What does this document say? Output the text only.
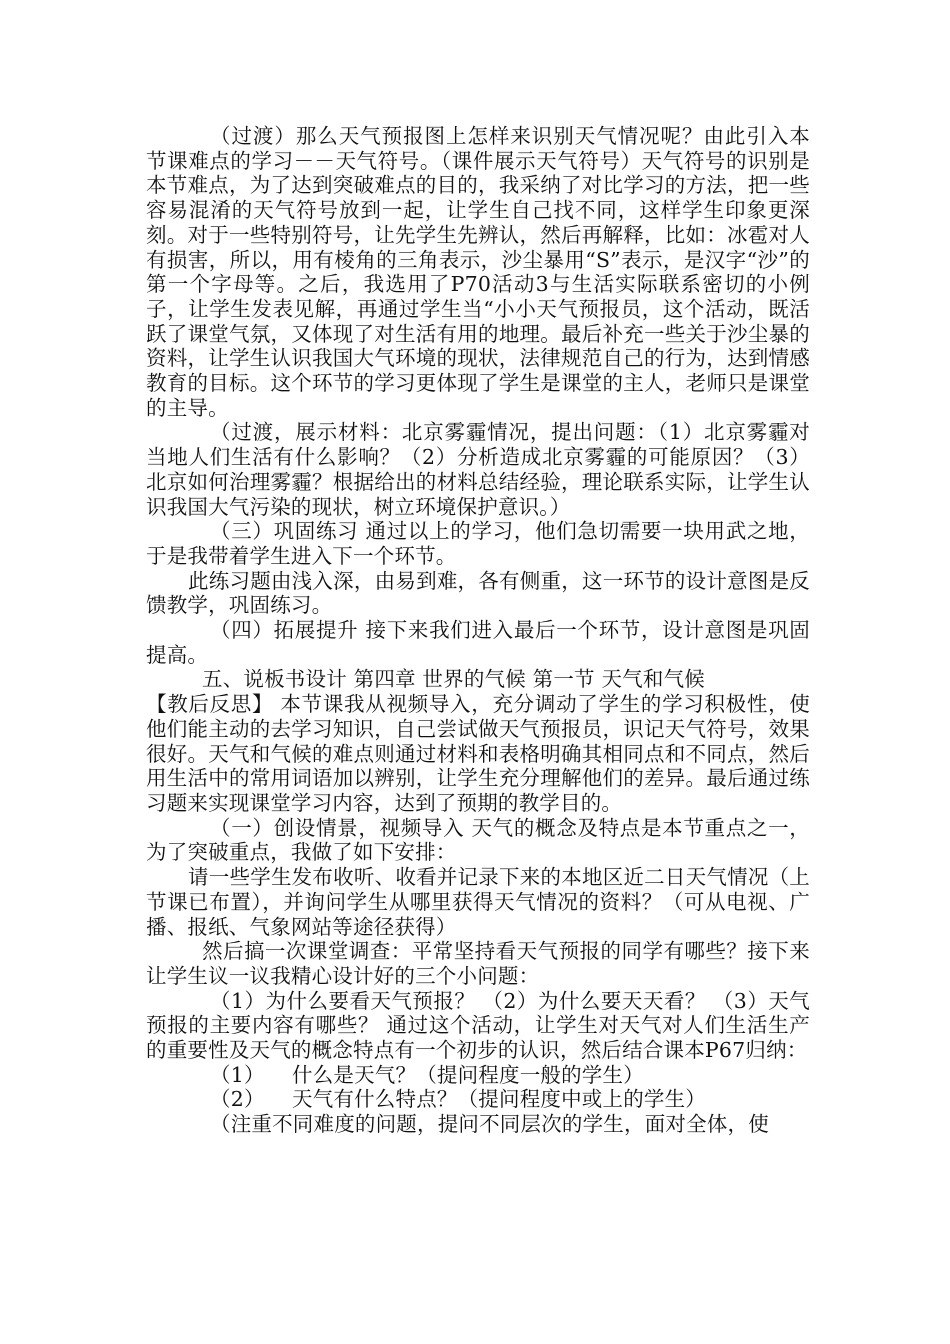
（过渡）那么天气预报图上怎样来识别天气情况呢？由此引入本节课难点的学习－－天气符号。（课件展示天气符号）天气符号的识别是本节难点，为了达到突破难点的目的，我采纳了对比学习的方法，把一些容易混淆的天气符号放到一起，让学生自己找不同，这样学生印象更深刻。对于一些特别符号，让先学生先辨认，然后再解释，比如：冰雹对人有损害，所以，用有棱角的三角表示，沙尘暴用“S”表示，是汉字“沙”的第一个字母等。之后，我选用了P70活动3与生活实际联系密切的小例子，让学生发表见解，再通过学生当“小小天气预报员，这个活动，既活跃了课堂气氛，又体现了对生活有用的地理。最后补充一些关于沙尘暴的资料，让学生认识我国大气环境的现状，法律规范自己的行为，达到情感教育的目标。这个环节的学习更体现了学生是课堂的主人，老师只是课堂的主导。

（过渡，展示材料：北京雾霾情况，提出问题：（1）北京雾霾对当地人们生活有什么影响？（2）分析造成北京雾霾的可能原因？（3）北京如何治理雾霾？根据给出的材料总结经验，理论联系实际，让学生认识我国大气污染的现状，树立环境保护意识。）

（三）巩固练习 通过以上的学习，他们急切需要一块用武之地，于是我带着学生进入下一个环节。

此练习题由浅入深，由易到难，各有侧重，这一环节的设计意图是反馈教学，巩固练习。

（四）拓展提升 接下来我们进入最后一个环节，设计意图是巩固提高。

五、说板书设计 第四章 世界的气候 第一节 天气和气候

【教后反思】 本节课我从视频导入，充分调动了学生的学习积极性，使他们能主动的去学习知识，自己尝试做天气预报员，识记天气符号，效果很好。天气和气候的难点则通过材料和表格明确其相同点和不同点，然后用生活中的常用词语加以辨别，让学生充分理解他们的差异。最后通过练习题来实现课堂学习内容，达到了预期的教学目的。

（一）创设情景，视频导入 天气的概念及特点是本节重点之一，为了突破重点，我做了如下安排：

请一些学生发布收听、收看并记录下来的本地区近二日天气情况（上节课已布置），并询问学生从哪里获得天气情况的资料？（可从电视、广播、报纸、气象网站等途径获得）

然后搞一次课堂调查：平常坚持看天气预报的同学有哪些？接下来让学生议一议我精心设计好的三个小问题：

（1）为什么要看天气预报？ （2）为什么要天天看？ （3）天气预报的主要内容有哪些？ 通过这个活动，让学生对天气对人们生活生产的重要性及天气的概念特点有一个初步的认识，然后结合课本P67归纳：

（1）	什么是天气？（提问程度一般的学生）
（2）	天气有什么特点？（提问程度中或上的学生）

（注重不同难度的问题，提问不同层次的学生，面对全体，使
